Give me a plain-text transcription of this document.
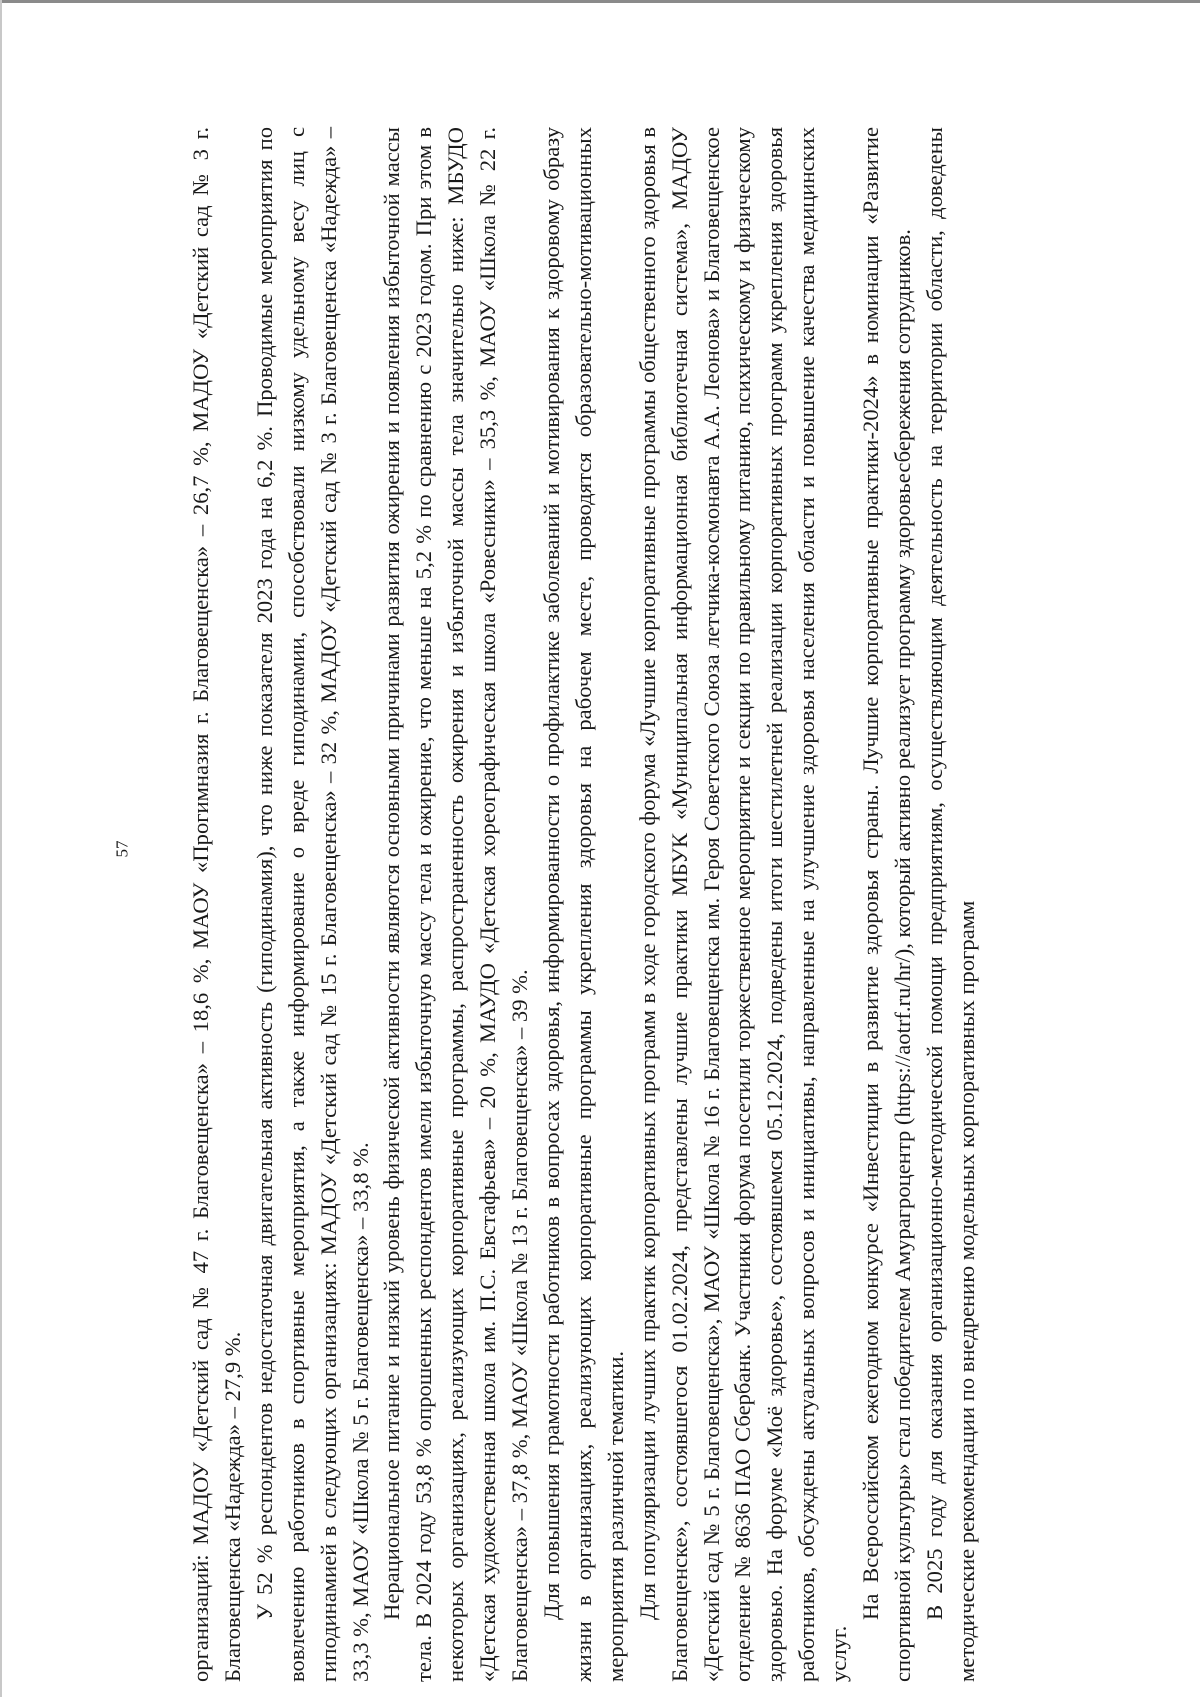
57	организаций: МАДОУ «Детский сад № 47 г. Благовещенска» – 18,6 %, МАОУ «Прогимназия г. Благовещенска» – 26,7 %, МАДОУ «Детский сад № 3 г. Благовещенска «Надежда» – 27,9 %. У 52 % респондентов недостаточная двигательная активность (гиподинамия), что ниже показателя 2023 года на 6,2 %. Проводимые мероприятия по вовлечению работников в спортивные мероприятия, а также информирование о вреде гиподинамии, способствовали низкому удельному весу лиц с гиподинамией в следующих организациях: МАДОУ «Детский сад № 15 г. Благовещенска» – 32 %, МАДОУ «Детский сад № 3 г. Благовещенска «Надежда» – 33,3 %, МАОУ «Школа № 5 г. Благовещенска» – 33,8 %. Нерациональное питание и низкий уровень физической активности являются основными причинами развития ожирения и появления избыточной массы тела. В 2024 году 53,8 % опрошенных респондентов имели избыточную массу тела и ожирение, что меньше на 5,2 % по сравнению с 2023 годом. При этом в некоторых организациях, реализующих корпоративные программы, распространенность ожирения и избыточной массы тела значительно ниже: МБУДО «Детская художественная школа им. П.С. Евстафьева» – 20 %, МАУДО «Детская хореографическая школа «Ровесники» – 35,3 %, МАОУ «Школа № 22 г. Благовещенска» – 37,8 %, МАОУ «Школа № 13 г. Благовещенска» – 39 %. Для повышения грамотности работников в вопросах здоровья, информированности о профилактике заболеваний и мотивирования к здоровому образу жизни в организациях, реализующих корпоративные программы укрепления здоровья на рабочем месте, проводятся образовательно-мотивационных мероприятия различной тематики. Для популяризации лучших практик корпоративных программ в ходе городского форума «Лучшие корпоративные программы общественного здоровья в Благовещенске», состоявшегося 01.02.2024, представлены лучшие практики МБУК «Муниципальная информационная библиотечная система», МАДОУ «Детский сад № 5 г. Благовещенска», МАОУ «Школа № 16 г. Благовещенска им. Героя Советского Союза летчика-космонавта А.А. Леонова» и Благовещенское отделение № 8636 ПАО Сбербанк. Участники форума посетили торжественное мероприятие и секции по правильному питанию, психическому и физическому здоровью. На форуме «Моё здоровье», состоявшемся 05.12.2024, подведены итоги шестилетней реализации корпоративных программ укрепления здоровья работников, обсуждены актуальных вопросов и инициативы, направленные на улучшение здоровья населения области и повышение качества медицинских услуг.

На Всероссийском ежегодном конкурсе «Инвестиции в развитие здоровья страны. Лучшие корпоративные практики-2024» в номинации «Развитие спортивной культуры» стал победителем Амурагроцентр (https://aotrf.ru/hr/), который активно реализует программу здоровьесбережения сотрудников. В 2025 году для оказания организационно-методической помощи предприятиям, осуществляющим деятельность на территории области, доведены методические рекомендации по внедрению модельных корпоративных программ
